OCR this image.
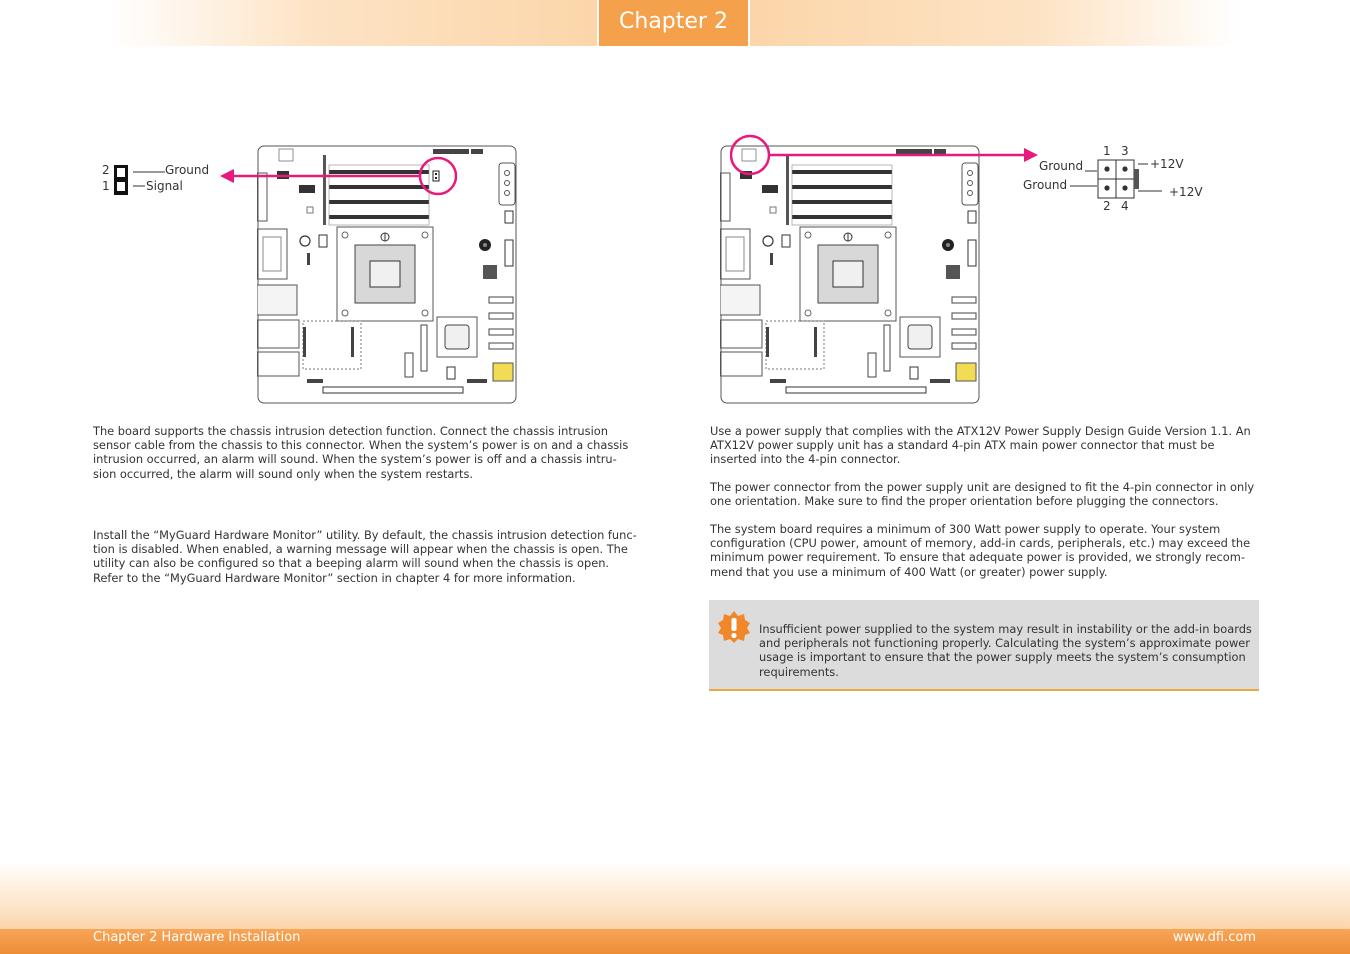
Chapter 2
2
1
Ground
Signal

The board supports the chassis intrusion detection function. Connect the chassis intrusion sensor cable from the chassis to this connector. When the system’s power is on and a chassis intrusion occurred, an alarm will sound. When the system’s power is off and a chassis intru-sion occurred, the alarm will sound only when the system restarts.

Install the “MyGuard Hardware Monitor” utility. By default, the chassis intrusion detection func-tion is disabled. When enabled, a warning message will appear when the chassis is open. The utility can also be configured so that a beeping alarm will sound when the chassis is open. Refer to the “MyGuard Hardware Monitor” section in chapter 4 for more information.

1 3
2 4
Ground
Ground
+12V
+12V

Use a power supply that complies with the ATX12V Power Supply Design Guide Version 1.1. An ATX12V power supply unit has a standard 4-pin ATX main power connector that must be inserted into the 4-pin connector.

The power connector from the power supply unit are designed to fit the 4-pin connector in only one orientation. Make sure to find the proper orientation before plugging the connectors.

The system board requires a minimum of 300 Watt power supply to operate. Your system configuration (CPU power, amount of memory, add-in cards, peripherals, etc.) may exceed the minimum power requirement. To ensure that adequate power is provided, we strongly recom-mend that you use a minimum of 400 Watt (or greater) power supply.

Insufficient power supplied to the system may result in instability or the add-in boards and peripherals not functioning properly. Calculating the system’s approximate power usage is important to ensure that the power supply meets the system’s consumption requirements.
Chapter 2 Hardware Installation	www.dfi.com
